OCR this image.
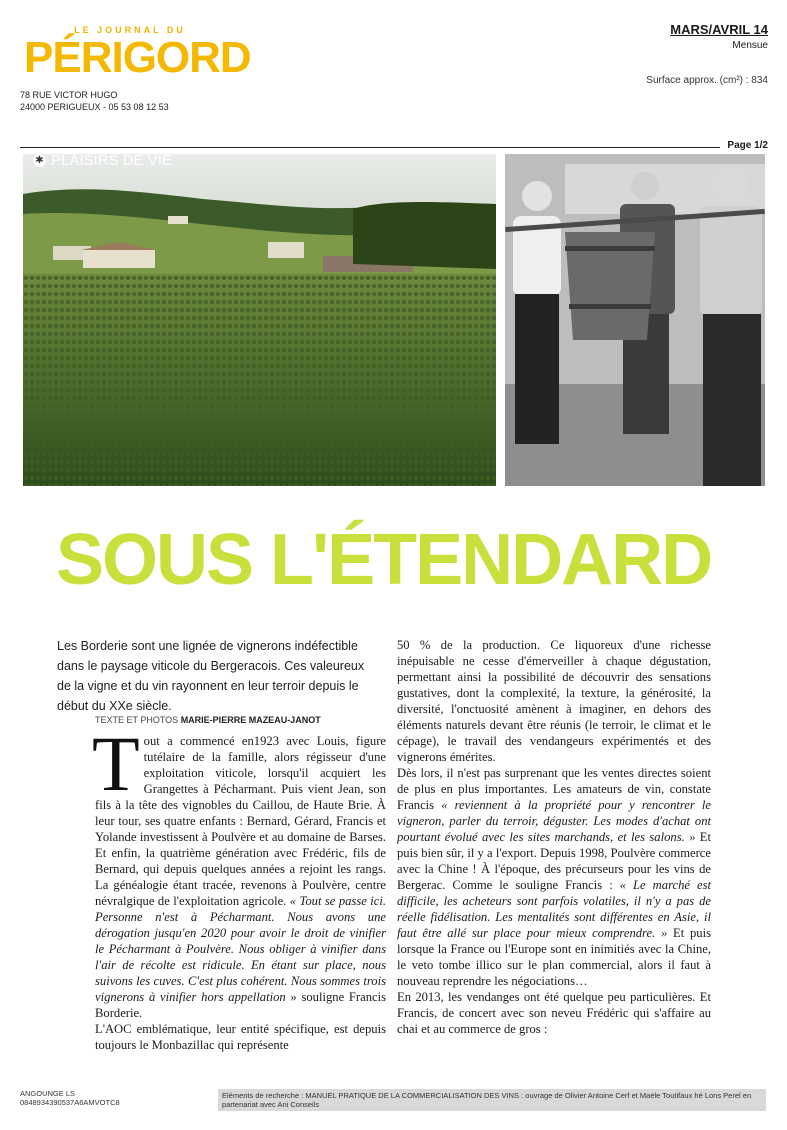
LE JOURNAL DU
PÉRIGORD
78 RUE VICTOR HUGO
24000 PERIGUEUX - 05 53 08 12 53
MARS/AVRIL 14
Mensue
Surface approx. (cm²) : 834
Page 1/2
✱ PLAISIRS DE VIE
SOUS L'ÉTENDARD
Les Borderie sont une lignée de vignerons indéfectible dans le paysage viticole du Bergeracois. Ces valeureux de la vigne et du vin rayonnent en leur terroir depuis le début du XXe siècle.
TEXTE ET PHOTOS MARIE-PIERRE MAZEAU-JANOT

Tout a commencé en1923 avec Louis, figure tutélaire de la famille, alors régisseur d'une exploitation viticole, lorsqu'il acquiert les Grangettes à Pécharmant. Puis vient Jean, son fils à la tête des vignobles du Caillou, de Haute Brie. À leur tour, ses quatre enfants : Bernard, Gérard, Francis et Yolande investissent à Poulvère et au domaine de Barses. Et enfin, la quatrième génération avec Frédéric, fils de Bernard, qui depuis quelques années a rejoint les rangs. La généalogie étant tracée, revenons à Poulvère, centre névralgique de l'exploitation agricole. « Tout se passe ici. Personne n'est à Pécharmant. Nous avons une dérogation jusqu'en 2020 pour avoir le droit de vinifier le Pécharmant à Poulvère. Nous obliger à vinifier dans l'air de récolte est ridicule. En étant sur place, nous suivons les cuves. C'est plus cohérent. Nous sommes trois vignerons à vinifier hors appellation » souligne Francis Borderie.

L'AOC emblématique, leur entité spécifique, est depuis toujours le Monbazillac qui représente

50 % de la production. Ce liquoreux d'une richesse inépuisable ne cesse d'émerveiller à chaque dégustation, permettant ainsi la possibilité de découvrir des sensations gustatives, dont la complexité, la texture, la générosité, la diversité, l'onctuosité amènent à imaginer, en dehors des éléments naturels devant être réunis (le terroir, le climat et le cépage), le travail des vendangeurs expérimentés et des vignerons émérites.

Dès lors, il n'est pas surprenant que les ventes directes soient de plus en plus importantes. Les amateurs de vin, constate Francis « reviennent à la propriété pour y rencontrer le vigneron, parler du terroir, déguster. Les modes d'achat ont pourtant évolué avec les sites marchands, et les salons. » Et puis bien sûr, il y a l'export. Depuis 1998, Poulvère commerce avec la Chine ! À l'époque, des précurseurs pour les vins de Bergerac. Comme le souligne Francis : « Le marché est difficile, les acheteurs sont parfois volatiles, il n'y a pas de réelle fidélisation. Les mentalités sont différentes en Asie, il faut être allé sur place pour mieux comprendre. » Et puis lorsque la France ou l'Europe sont en inimitiés avec la Chine, le veto tombe illico sur le plan commercial, alors il faut à nouveau reprendre les négociations…

En 2013, les vendanges ont été quelque peu particulières. Et Francis, de concert avec son neveu Frédéric qui s'affaire au chai et au commerce de gros :

ANGOUNGE LS
0848934390537A6AMVOTC8
Eléments de recherche : MANUEL PRATIQUE DE LA COMMERCIALISATION DES VINS : ouvrage de Olivier Antoine Cerf et Maële Toutifaux hé Lons Perel en partenariat avec Ani Conseils
